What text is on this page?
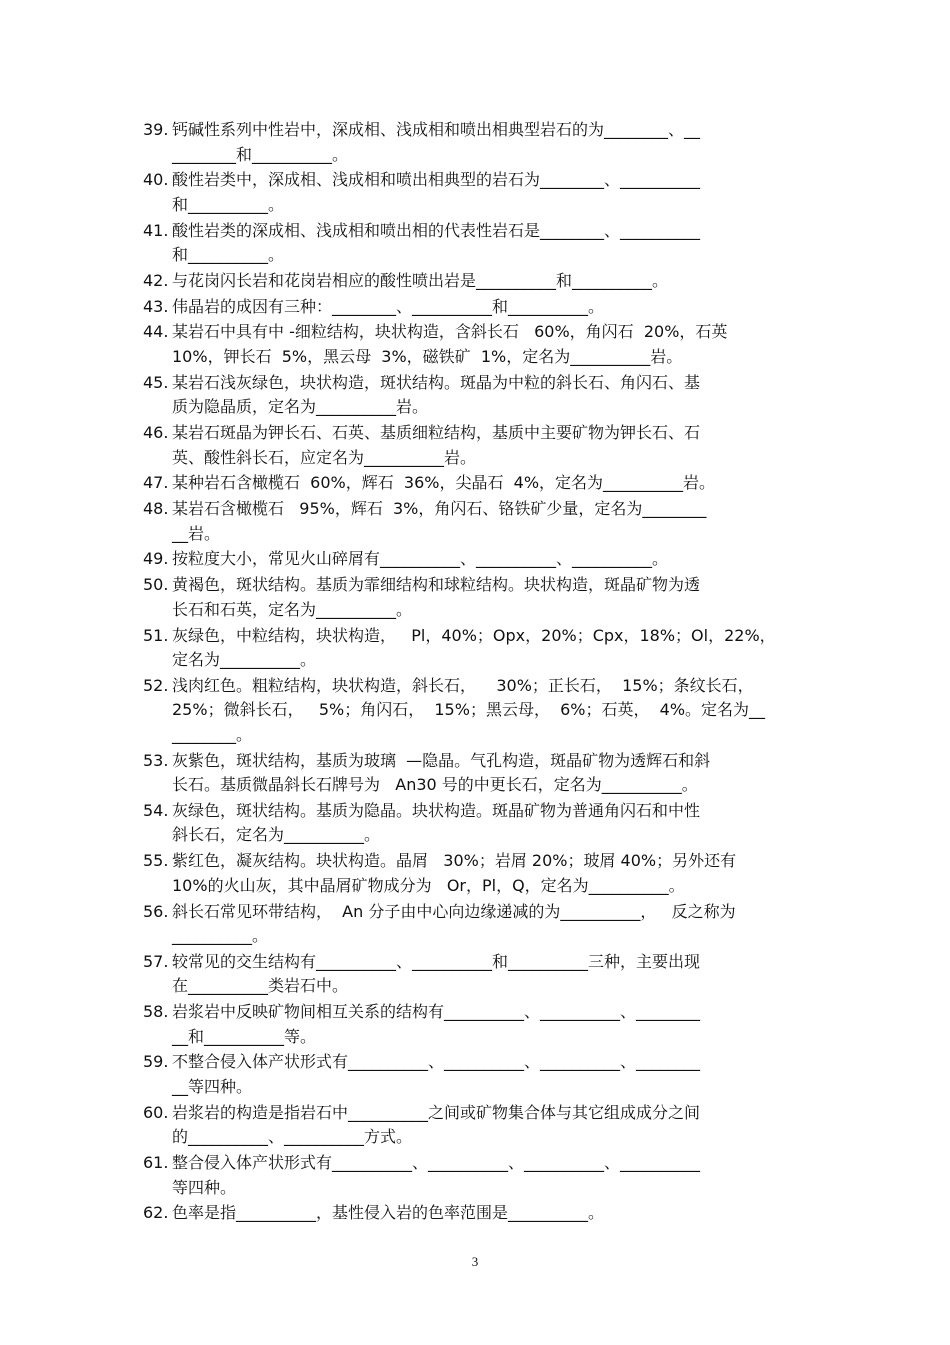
39. 钙碱性系列中性岩中，深成相、浅成相和喷出相典型岩石的为________、__
________和__________。
40. 酸性岩类中，深成相、浅成相和喷出相典型的岩石为________、__________
和__________。
41. 酸性岩类的深成相、浅成相和喷出相的代表性岩石是________、__________
和__________。
42. 与花岗闪长岩和花岗岩相应的酸性喷出岩是__________和__________。
43. 伟晶岩的成因有三种：________、__________和__________。
44. 某岩石中具有中 -细粒结构，块状构造，含斜长石   60%，角闪石  20%，石英
10%，钾长石  5%，黑云母  3%，磁铁矿  1%，定名为__________岩。
45. 某岩石浅灰绿色，块状构造，斑状结构。斑晶为中粒的斜长石、角闪石、基
质为隐晶质，定名为__________岩。
46. 某岩石斑晶为钾长石、石英、基质细粒结构，基质中主要矿物为钾长石、石
英、酸性斜长石，应定名为__________岩。
47. 某种岩石含橄榄石  60%，辉石  36%，尖晶石  4%，定名为__________岩。
48. 某岩石含橄榄石   95%，辉石  3%，角闪石、铬铁矿少量，定名为________
__岩。
49. 按粒度大小，常见火山碎屑有__________、__________、__________。
50. 黄褐色，斑状结构。基质为霏细结构和球粒结构。块状构造，斑晶矿物为透
长石和石英，定名为__________。
51. 灰绿色，中粒结构，块状构造，   Pl，40%；Opx，20%；Cpx，18%；Ol，22%，
定名为__________。
52. 浅肉红色。粗粒结构，块状构造，斜长石，    30%；正长石，  15%；条纹长石，
25%；微斜长石，   5%；角闪石，  15%；黑云母，  6%；石英，  4%。定名为__
________。
53. 灰紫色，斑状结构，基质为玻璃  —隐晶。气孔构造，斑晶矿物为透辉石和斜
长石。基质微晶斜长石牌号为   An30 号的中更长石，定名为__________。
54. 灰绿色，斑状结构。基质为隐晶。块状构造。斑晶矿物为普通角闪石和中性
斜长石，定名为__________。
55. 紫红色，凝灰结构。块状构造。晶屑   30%；岩屑 20%；玻屑 40%；另外还有
10%的火山灰，其中晶屑矿物成分为   Or，Pl，Q，定名为__________。
56. 斜长石常见环带结构，  An 分子由中心向边缘递减的为__________，   反之称为
__________。
57. 较常见的交生结构有__________、__________和__________三种，主要出现
在__________类岩石中。
58. 岩浆岩中反映矿物间相互关系的结构有__________、__________、________
__和__________等。
59. 不整合侵入体产状形式有__________、__________、__________、________
__等四种。
60. 岩浆岩的构造是指岩石中__________之间或矿物集合体与其它组成成分之间
的__________、__________方式。
61. 整合侵入体产状形式有__________、__________、__________、__________
等四种。
62. 色率是指__________，基性侵入岩的色率范围是__________。
3
